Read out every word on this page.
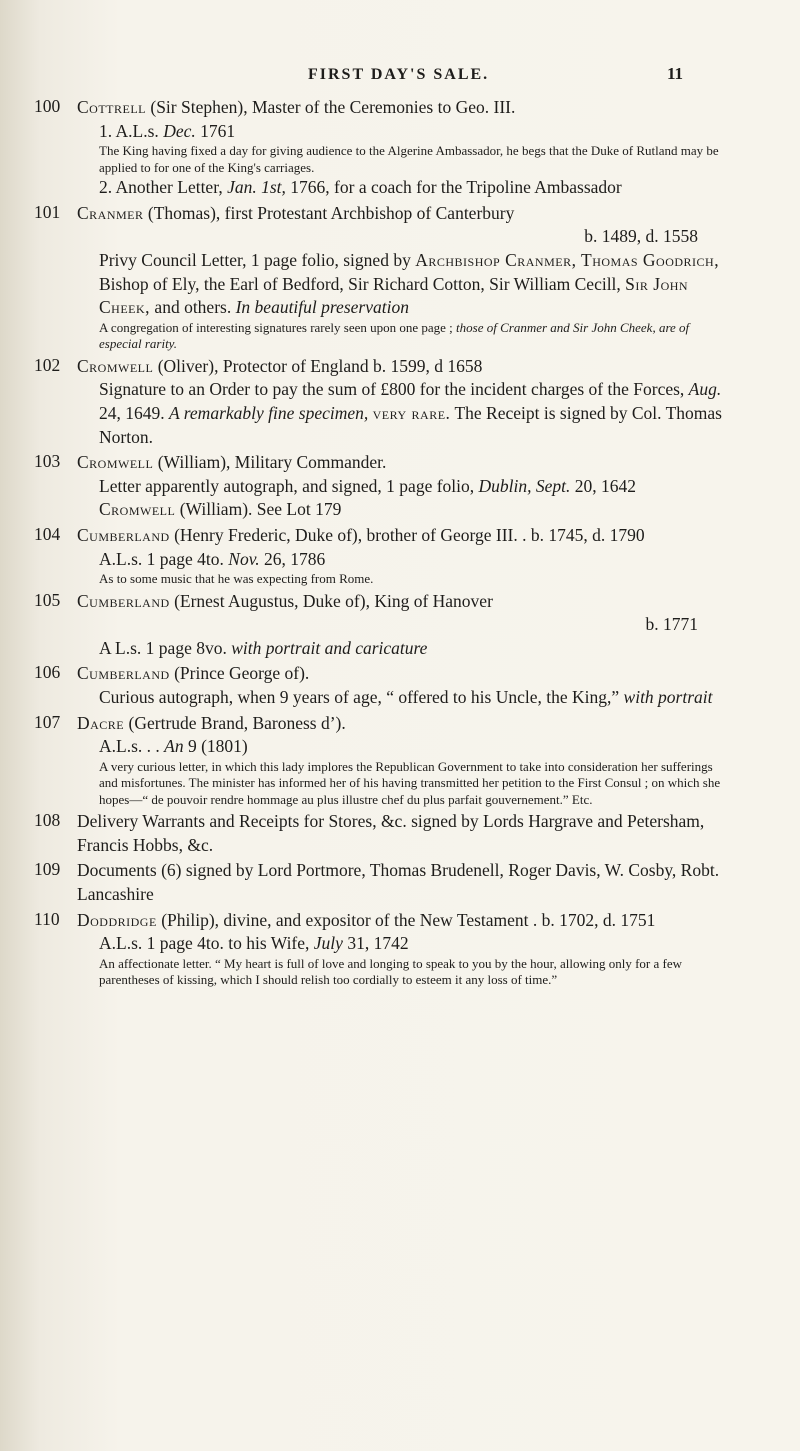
FIRST DAY'S SALE.	11
100 Cottrell (Sir Stephen), Master of the Ceremonies to Geo. III.
1. A.L.s. Dec. 1761
The King having fixed a day for giving audience to the Algerine Ambassador, he begs that the Duke of Rutland may be applied to for one of the King's carriages.
2. Another Letter, Jan. 1st, 1766, for a coach for the Tripoline Ambassador
101 Cranmer (Thomas), first Protestant Archbishop of Canterbury
b. 1489, d. 1558
Privy Council Letter, 1 page folio, signed by Archbishop Cranmer, Thomas Goodrich, Bishop of Ely, the Earl of Bedford, Sir Richard Cotton, Sir William Cecill, Sir John Cheek, and others. In beautiful preservation
A congregation of interesting signatures rarely seen upon one page ; those of Cranmer and Sir John Cheek, are of especial rarity.
102 Cromwell (Oliver), Protector of England b. 1599, d 1658
Signature to an Order to pay the sum of £800 for the incident charges of the Forces, Aug. 24, 1649. A remarkably fine specimen, very rare. The Receipt is signed by Col. Thomas Norton.
103 Cromwell (William), Military Commander.
Letter apparently autograph, and signed, 1 page folio, Dublin, Sept. 20, 1642
Cromwell (William). See Lot 179
104 Cumberland (Henry Frederic, Duke of), brother of George III. . b. 1745, d. 1790
A.L.s. 1 page 4to. Nov. 26, 1786
As to some music that he was expecting from Rome.
105 Cumberland (Ernest Augustus, Duke of), King of Hanover
b. 1771
A L.s. 1 page 8vo. with portrait and caricature
106 Cumberland (Prince George of).
Curious autograph, when 9 years of age, “ offered to his Uncle, the King,” with portrait
107 Dacre (Gertrude Brand, Baroness d’).
A.L.s. . . An 9 (1801)
A very curious letter, in which this lady implores the Republican Government to take into consideration her sufferings and misfortunes. The minister has informed her of his having transmitted her petition to the First Consul ; on which she hopes—“ de pouvoir rendre hommage au plus illustre chef du plus parfait gouvernement.” Etc.
108 Delivery Warrants and Receipts for Stores, &c. signed by Lords Hargrave and Petersham, Francis Hobbs, &c.
109 Documents (6) signed by Lord Portmore, Thomas Brudenell, Roger Davis, W. Cosby, Robt. Lancashire
110 Doddridge (Philip), divine, and expositor of the New Testament . b. 1702, d. 1751
A.L.s. 1 page 4to. to his Wife, July 31, 1742
An affectionate letter. “ My heart is full of love and longing to speak to you by the hour, allowing only for a few parentheses of kissing, which I should relish too cordially to esteem it any loss of time.”
